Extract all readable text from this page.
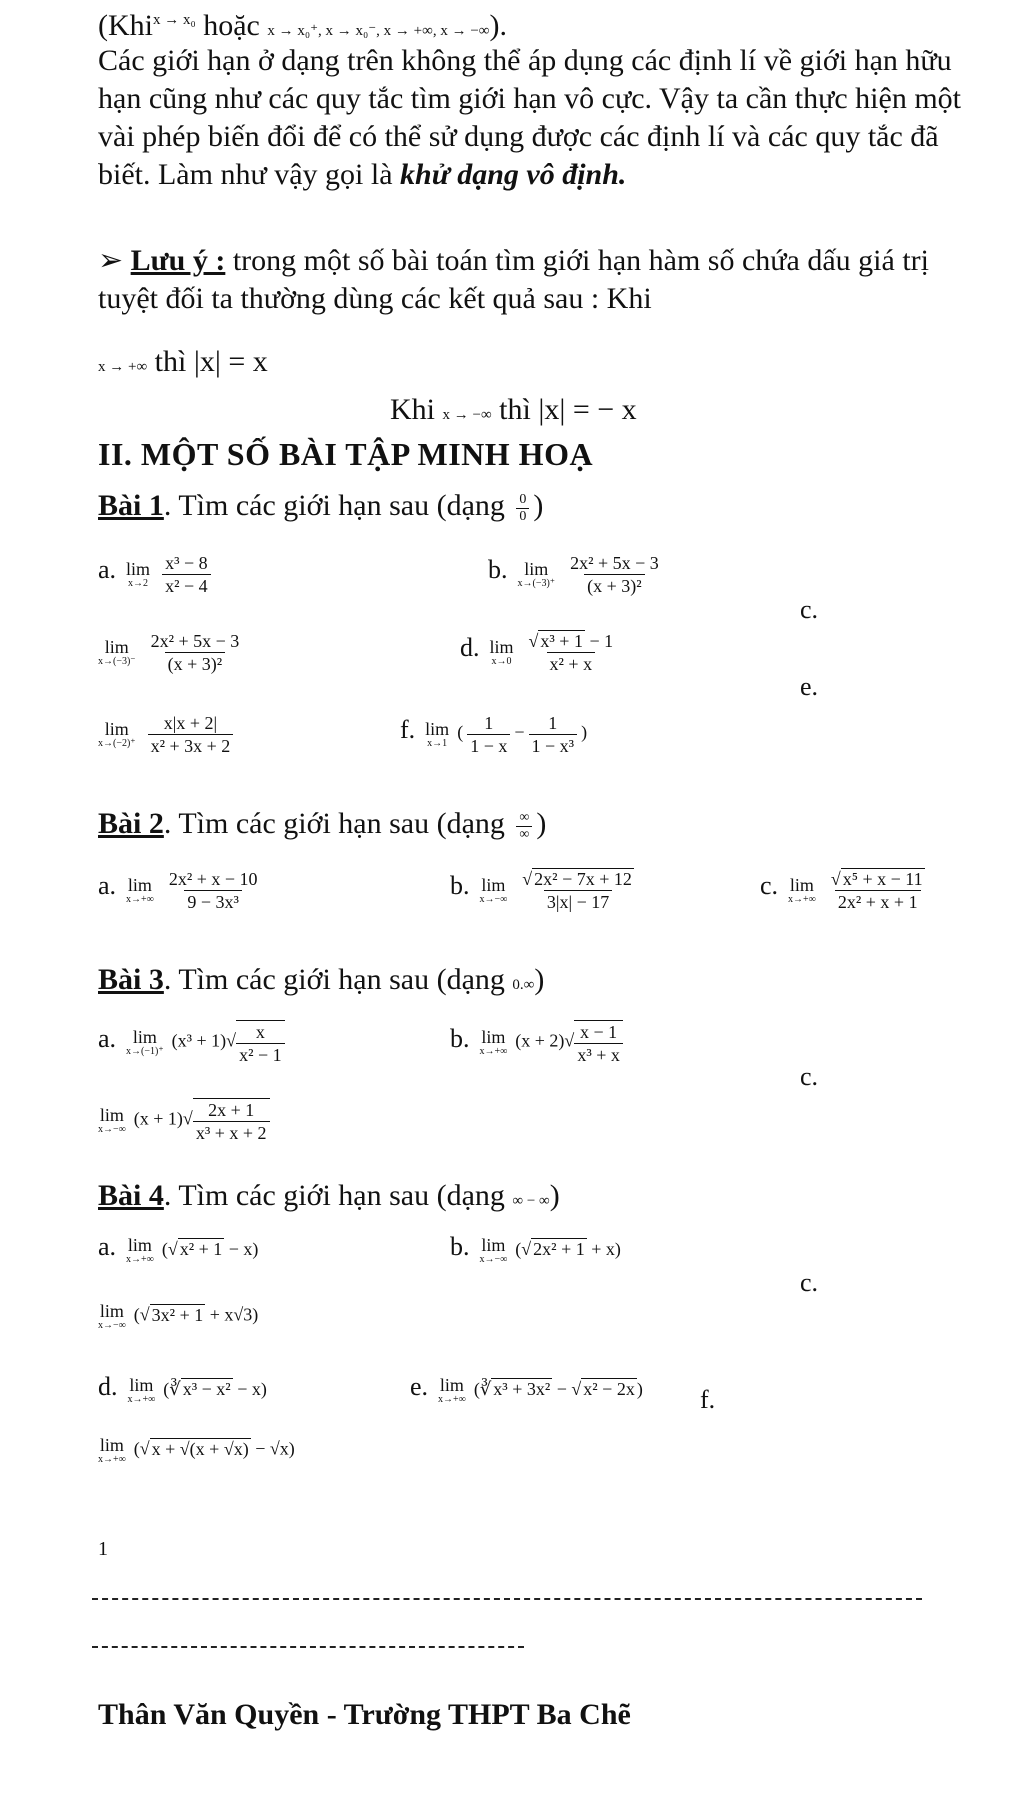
(Khi$^{x \to x_0}$ hoặc x → x₀⁺, x → x₀⁻, x → +∞, x → −∞).
Các giới hạn ở dạng trên không thể áp dụng các định lí về giới hạn hữu hạn cũng như các quy tắc tìm giới hạn vô cực. Vậy ta cần thực hiện một vài phép biến đổi để có thể sử dụng được các định lí và các quy tắc đã biết. Làm như vậy gọi là khử dạng vô định.
➢ Lưu ý : trong một số bài toán tìm giới hạn hàm số chứa dấu giá trị tuyệt đối ta thường dùng các kết quả sau : Khi
x → +∞ thì |x| = x
Khi x → −∞ thì |x| = − x
II. MỘT SỐ BÀI TẬP MINH HOẠ
Bài 1. Tìm các giới hạn sau (dạng $\frac{0}{0}$ )
a. lim
x→2
$\frac{\text{x³ − 8}}{\text{x² − 4}}$	b. lim
x→(−3)⁺
$\frac{\text{2x² + 5x − 3}}{\text{(x + 3)²}}$
c.
lim
x→(−3)⁻
$\frac{\text{2x² + 5x − 3}}{\text{(x + 3)²}}$	d. lim
x→0
$\frac{\text{√ x³ + 1 − 1}}{\text{x² + x}}$
e.
lim
x→(−2)⁺
$\frac{x|x + 2|}{\text{x² + 3x + 2}}$	f. lim
x→1
( $\frac{1}{1 - x} - \frac{1}{\text{1 − x³}}$ )
Bài 2. Tìm các giới hạn sau (dạng $\frac{\infty}{\infty}$ )
a. lim
x→+∞
$\frac{\text{2x² + x − 10}}{\text{9 − 3x³}}$	b. lim
x→−∞
$\frac{\text{√ 2x² − 7x + 12}}{3|x| - 17}$	c. lim
x→+∞
$\frac{\text{√ x⁵ + x − 11}}{\text{2x² + x + 1}}$
Bài 3. Tìm các giới hạn sau (dạng 0.∞)
a. lim
x→(−1)⁺
$(x^3 + 1)√ \frac{x}{\text{x² − 1}}$	b. lim
x→+∞
$(x + 2)√ \frac{x - 1}{\text{x³ + x}}$
c.
lim
x→−∞
$(x + 1)√ \frac{2x + 1}{\text{x³ + x + 2}}$
Bài 4. Tìm các giới hạn sau (dạng ∞ − ∞)
a. lim
x→+∞
(√ x² + 1 − x)	b. lim
x→−∞
(√ 2x² + 1 + x)
c.
lim
x→−∞
(√ 3x² + 1 + x√3)
d. lim
x→+∞
(∛ x³ − x² − x)	e. lim
x→+∞
(∛ x³ + 3x² − √ x² − 2x ) f.
lim
x→+∞
(√ x + √(x + √x) − √x)
1
Thân Văn Quyền - Trường THPT Ba Chẽ
